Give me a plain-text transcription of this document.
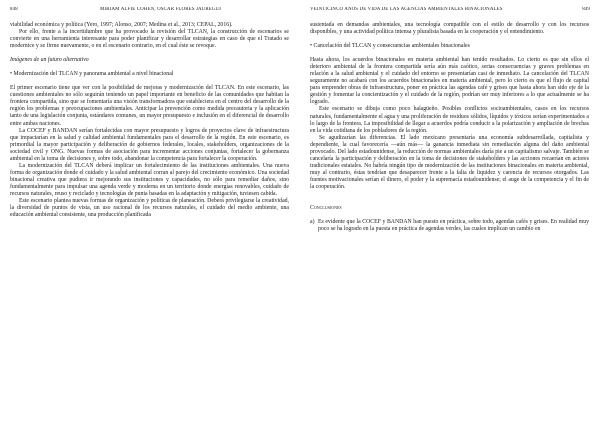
848	MIRIAM ALFIE COHEN, ÓSCAR FLORES JÁUREGUI

viabilidad económica y política (Yero, 1997; Alonso, 2007; Medina et al., 2013; CEPAL, 2016).

Por ello, frente a la incertidumbre que ha provocado la revisión del TLCAN, la construcción de escenarios se convierte en una herramienta interesante para poder planificar y desarrollar estrategias en caso de que el Tratado se modernice y se firme nuevamente, o en el escenario contrario, en el cual éste se revoque.

Imágenes de un futuro alternativo

• Modernización del TLCAN y panorama ambiental a nivel binacional

El primer escenario tiene que ver con la posibilidad de mejoras y modernización del TLCAN. En este escenario, las cuestiones ambientales no sólo seguirán teniendo un papel importante en beneficio de las comunidades que habitan la frontera compartida, sino que se fomentaría una visión transformadora que estableciera en el centro del desarrollo de la región los problemas y preocupaciones ambientales. Anticipar la prevención como medida precautoria y la aplicación tanto de una legislación conjunta, estándares comunes, un mayor presupuesto e inclusión en el diferencial de desarrollo entre ambas naciones.

La COCEF y BANDAN serían fortalecidas con mayor presupuesto y logros de proyectos clave de infraestructura que impactarían en la salud y calidad ambiental fundamentales para el desarrollo de la región. En este escenario, es primordial la mayor participación y deliberación de gobiernos federales, locales, stakeholders, organizaciones de la sociedad civil y ONG. Nuevas formas de asociación para incrementar acciones conjuntas, fortalecer la gobernanza ambiental en la toma de decisiones y, sobre todo, abandonar la competencia para fortalecer la cooperación.

La modernización del TLCAN deberá implicar un fortalecimiento de las instituciones ambientales. Una nueva forma de organización donde el cuidado y la salud ambiental corran al parejo del crecimiento económico. Una sociedad binacional creativa que pudiera ir mejorando sus instituciones y capacidades, no sólo para remediar daños, sino fundamentalmente para impulsar una agenda verde y moderna en un territorio donde energías renovables, cuidado de recursos naturales, reuso y reciclado y tecnologías de punta basadas en la adaptación y mitigación, tuviesen cabida.

Este escenario plantea nuevas formas de organización y políticas de planeación. Deberá privilegiarse la creatividad, la diversidad de puntos de vista, un uso racional de los recursos naturales, el cuidado del medio ambiente, una educación ambiental consistente, una producción planificada

VEINTICINCO AÑOS DE VIDA DE LAS AGENCIAS AMBIENTALES BINACIONALES	849

sustentada en demandas ambientales, una tecnología compatible con el estilo de desarrollo y con los recursos disponibles, y una actividad política intensa y pluralista basada en la cooperación y el entendimiento.

• Cancelación del TLCAN y consecuencias ambientales binacionales

Hasta ahora, los acuerdos binacionales en materia ambiental han tenido resultados. Lo cierto es que sin ellos el deterioro ambiental de la frontera compartida sería aún más caótico, serias consecuencias y graves problemas en relación a la salud ambiental y el cuidado del entorno se presentarían casi de inmediato. La cancelación del TLCAN seguramente no acabará con los acuerdos binacionales en materia ambiental, pero lo cierto es que el flujo de capital para emprender obras de infraestructura, poner en práctica las agendas café y grises que hasta ahora han sido eje de la gestión y fomentar la concientización y el cuidado de la región, podrían ser muy inferiores a lo que actualmente se ha logrado.

Este escenario se dibuja como poco halagüeño. Posibles conflictos socioambientales, casos en los recursos naturales, fundamentalmente el agua y una proliferación de residuos sólidos, líquidos y tóxicos serían experimentados a lo largo de la frontera. La imposibilidad de llegar a acuerdos podría conducir a la polarización y ampliación de brechas en la vida cotidiana de los pobladores de la región.

Se agudizarían las diferencias. El lado mexicano presentaría una economía subdesarrollada, capitalista y dependiente, la cual favorecería —aún más— la ganancia inmediata sin remediación alguna del daño ambiental provocado. Del lado estadounidense, la reducción de normas ambientales daría pie a un capitalismo salvaje. También se cancelaría la participación y deliberación en la toma de decisiones de stakeholders y las acciones recaerían en actores tradicionales estatales. No habría ningún tipo de modernización de las instituciones binacionales en materia ambiental, muy al contrario, éstas tendrían que desaparecer frente a la falta de liquidez y carencia de recursos otorgados. Las fuentes motivacionales serían el dinero, el poder y la supremacía estadounidense; el auge de la competencia y el fin de la cooperación.

Conclusiones

a) Es evidente que la COCEF y BANDAN han puesto en práctica, sobre todo, agendas cafés y grises. En realidad muy poco se ha logrado en la puesta en práctica de agendas verdes, las cuales implican un cambio en
